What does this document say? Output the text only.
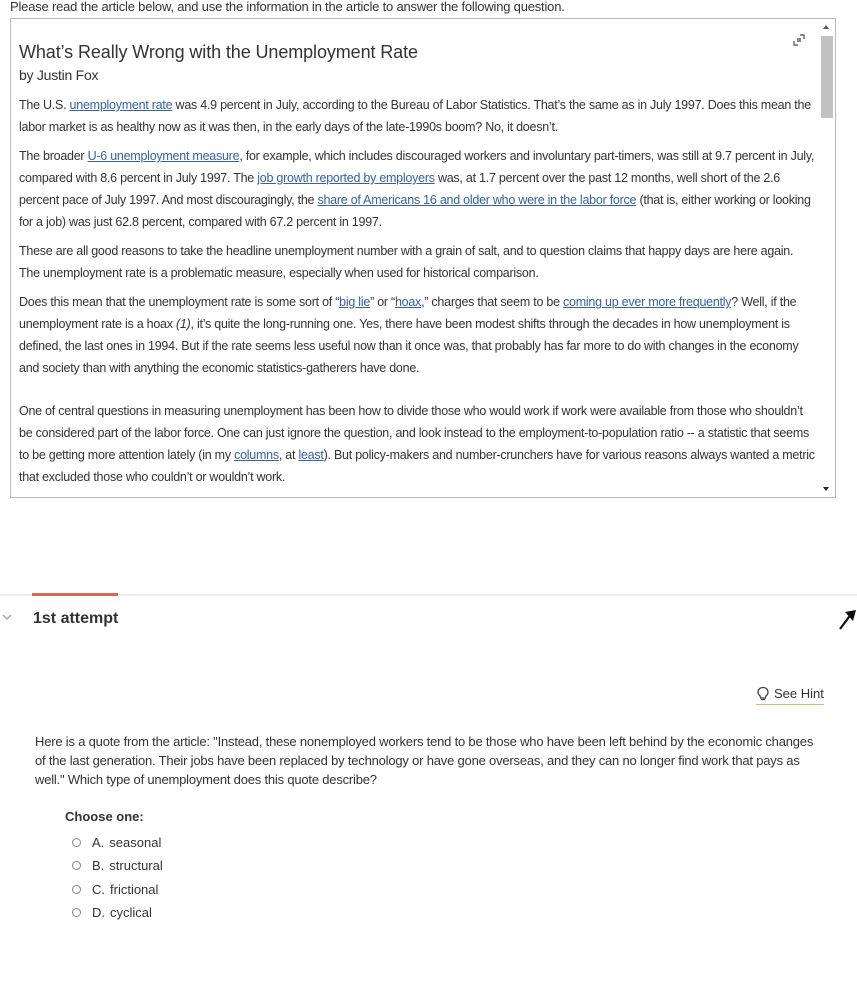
Please read the article below, and use the information in the article to answer the following question.
What’s Really Wrong with the Unemployment Rate
by Justin Fox

The U.S. unemployment rate was 4.9 percent in July, according to the Bureau of Labor Statistics. That’s the same as in July 1997. Does this mean the labor market is as healthy now as it was then, in the early days of the late-1990s boom? No, it doesn’t.

The broader U-6 unemployment measure, for example, which includes discouraged workers and involuntary part-timers, was still at 9.7 percent in July, compared with 8.6 percent in July 1997. The job growth reported by employers was, at 1.7 percent over the past 12 months, well short of the 2.6 percent pace of July 1997. And most discouragingly, the share of Americans 16 and older who were in the labor force (that is, either working or looking for a job) was just 62.8 percent, compared with 67.2 percent in 1997.

These are all good reasons to take the headline unemployment number with a grain of salt, and to question claims that happy days are here again. The unemployment rate is a problematic measure, especially when used for historical comparison.

Does this mean that the unemployment rate is some sort of “big lie” or “hoax,” charges that seem to be coming up ever more frequently? Well, if the unemployment rate is a hoax (1), it’s quite the long-running one. Yes, there have been modest shifts through the decades in how unemployment is defined, the last ones in 1994. But if the rate seems less useful now than it once was, that probably has far more to do with changes in the economy and society than with anything the economic statistics-gatherers have done.

One of central questions in measuring unemployment has been how to divide those who would work if work were available from those who shouldn’t be considered part of the labor force. One can just ignore the question, and look instead to the employment-to-population ratio -- a statistic that seems to be getting more attention lately (in my columns, at least). But policy-makers and number-crunchers have for various reasons always wanted a metric that excluded those who couldn’t or wouldn’t work.

1st attempt
See Hint
Here is a quote from the article: "Instead, these nonemployed workers tend to be those who have been left behind by the economic changes of the last generation. Their jobs have been replaced by technology or have gone overseas, and they can no longer find work that pays as well." Which type of unemployment does this quote describe?
Choose one:
A. seasonal
B. structural
C. frictional
D. cyclical
